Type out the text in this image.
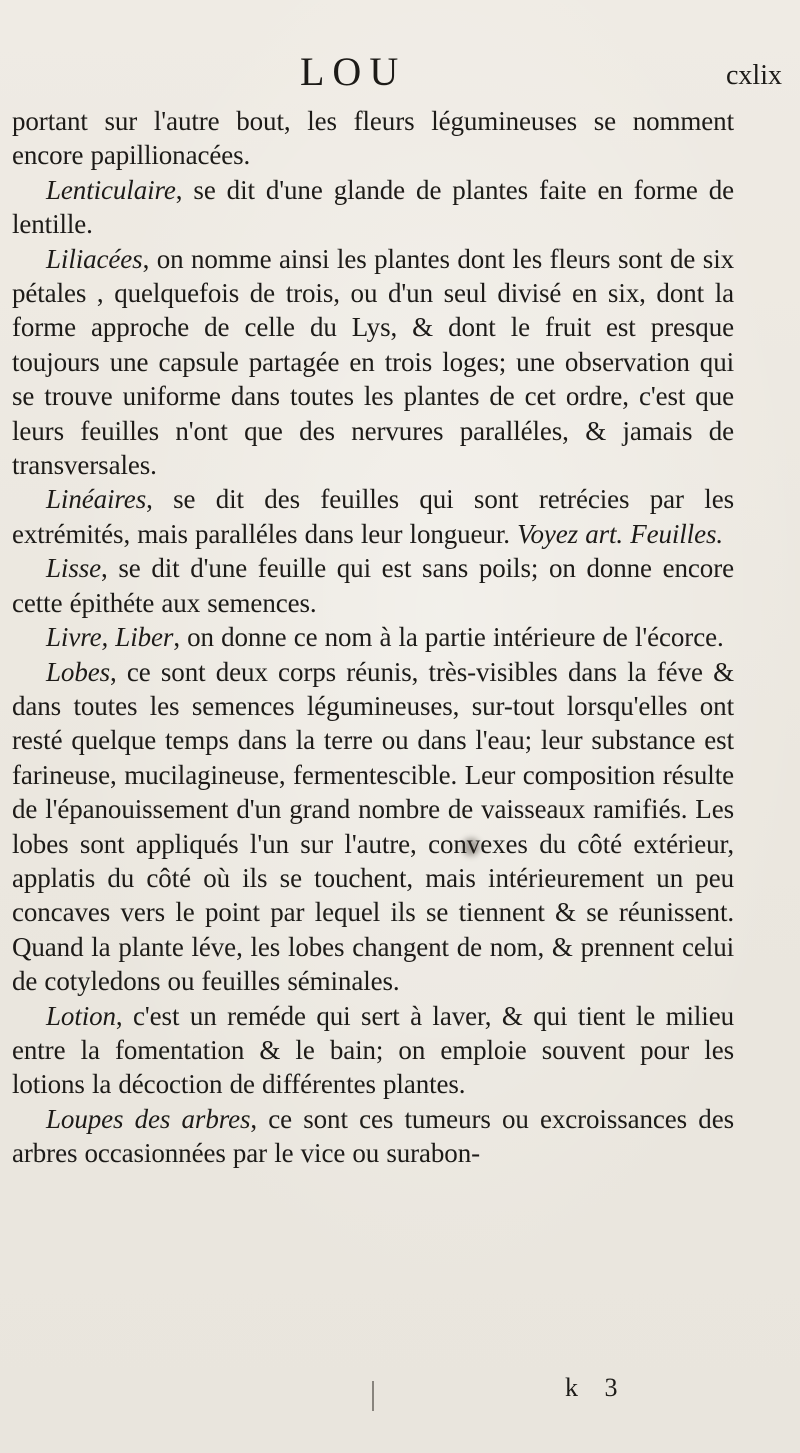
LOU	cxlix

portant sur l'autre bout, les fleurs légumineuses se nomment encore papillionacées.

Lenticulaire, se dit d'une glande de plantes faite en forme de lentille.

Liliacées, on nomme ainsi les plantes dont les fleurs sont de six pétales , quelquefois de trois, ou d'un seul divisé en six, dont la forme approche de celle du Lys, & dont le fruit est presque toujours une capsule partagée en trois loges; une observation qui se trouve uniforme dans toutes les plantes de cet ordre, c'est que leurs feuilles n'ont que des nervures paralléles, & jamais de transversales.

Linéaires, se dit des feuilles qui sont retrécies par les extrémités, mais paralléles dans leur longueur. Voyez art. Feuilles.

Lisse, se dit d'une feuille qui est sans poils; on donne encore cette épithéte aux semences.

Livre, Liber, on donne ce nom à la partie intérieure de l'écorce.

Lobes, ce sont deux corps réunis, très-visibles dans la féve & dans toutes les semences légumineuses, sur-tout lorsqu'elles ont resté quelque temps dans la terre ou dans l'eau; leur substance est farineuse, mucilagineuse, fermentescible. Leur composition résulte de l'épanouissement d'un grand nombre de vaisseaux ramifiés. Les lobes sont appliqués l'un sur l'autre, convexes du côté extérieur, applatis du côté où ils se touchent, mais intérieurement un peu concaves vers le point par lequel ils se tiennent & se réunissent. Quand la plante léve, les lobes changent de nom, & prennent celui de cotyledons ou feuilles séminales.

Lotion, c'est un reméde qui sert à laver, & qui tient le milieu entre la fomentation & le bain; on emploie souvent pour les lotions la décoction de différentes plantes.

Loupes des arbres, ce sont ces tumeurs ou excroissances des arbres occasionnées par le vice ou surabon-

k 3
